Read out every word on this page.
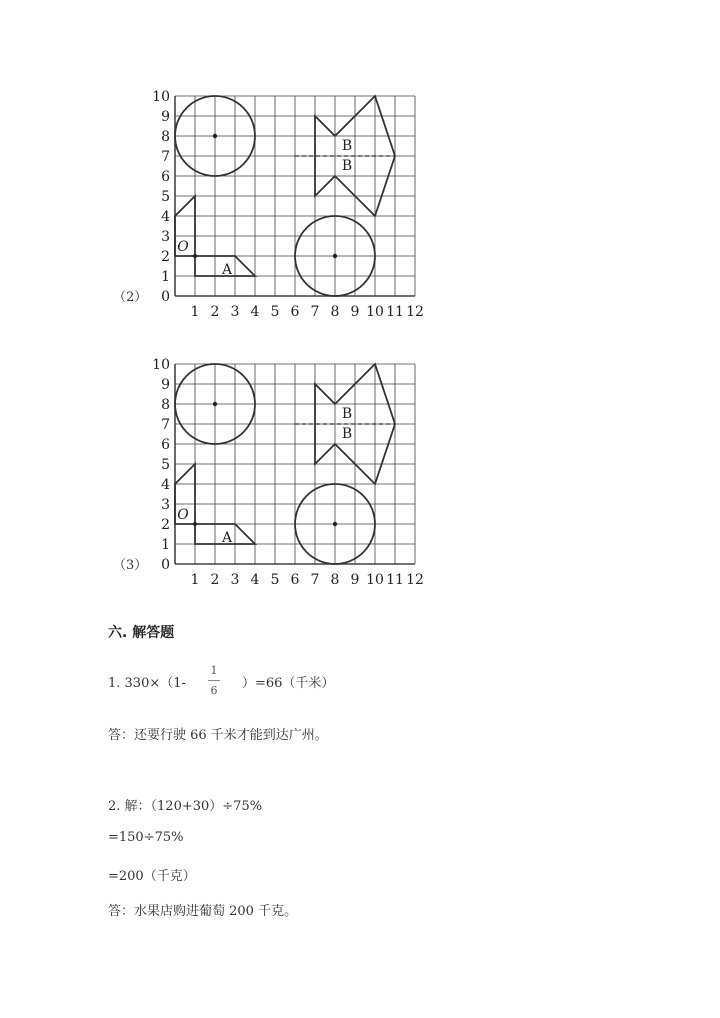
0
1
2
3
4
5
6
7
8
9
10
1 2 3 4 5 6 7 8 9 10 11 12
O
A
B
B
（2）
0
1
2
3
4
5
6
7
8
9
10
1 2 3 4 5 6 7 8 9 10 11 12
O
A
B
B
（3）
六. 解答题
1. 330×（1-
1
6 ）=66（千米）
答：还要行驶 66 千米才能到达广州。
2. 解：（120+30）÷75%
=150÷75%
=200（千克）
答：水果店购进葡萄 200 千克。
